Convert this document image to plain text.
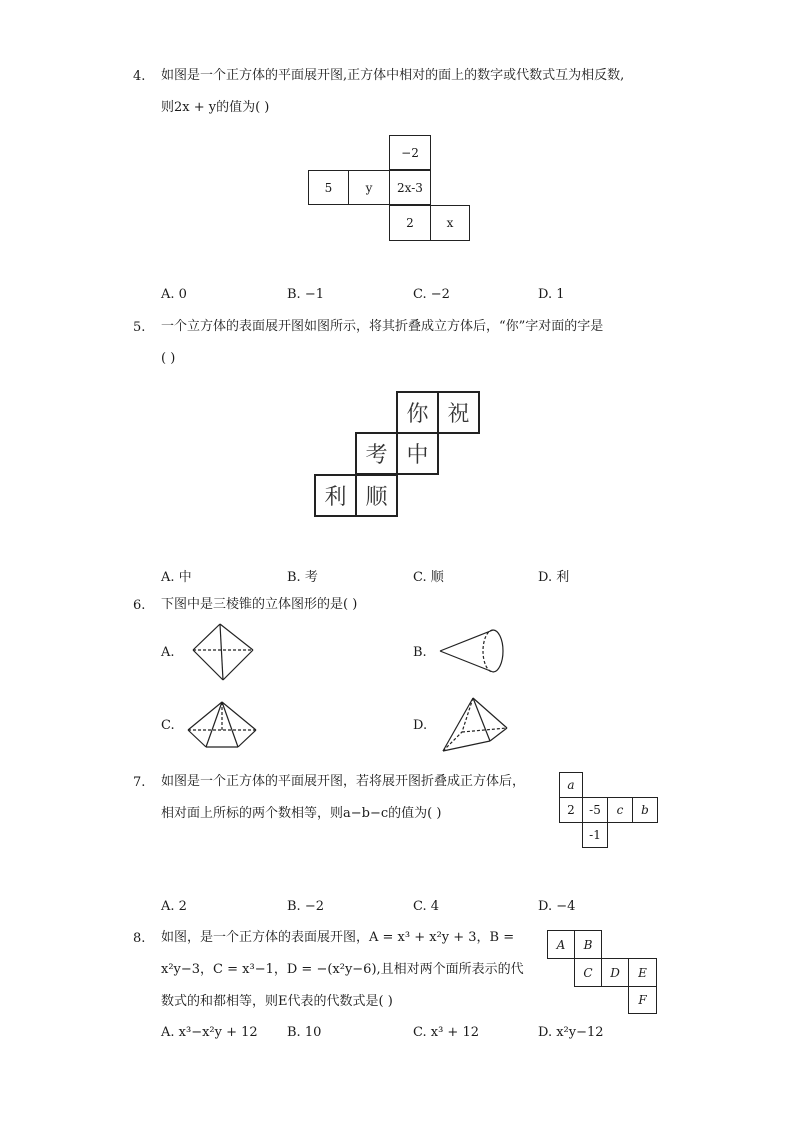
4. 如图是一个正方体的平面展开图,正方体中相对的面上的数字或代数式互为相反数,
则2x + y的值为( )
−2
5	y	2x-3
2	x
A. 0	B. −1	C. −2	D. 1
5. 一个立方体的表面展开图如图所示，将其折叠成立方体后，“你”字对面的字是
( )
你 祝
考 中
利 顺
A. 中	B. 考	C. 顺	D. 利
6. 下图中是三棱锥的立体图形的是( )
A.	B.
C.	D.
7. 如图是一个正方体的平面展开图，若将展开图折叠成正方体后，
相对面上所标的两个数相等，则a−b−c的值为( )
a
2	-5	c	b
-1
A. 2	B. −2	C. 4	D. −4
8. 如图，是一个正方体的表面展开图，A = x³ + x²y + 3，B =
x²y−3，C = x³−1，D = −(x²y−6),且相对两个面所表示的代
数式的和都相等，则E代表的代数式是( )
A	B
C	D	E
F
A. x³−x²y + 12 B. 10	C. x³ + 12	D. x²y−12
